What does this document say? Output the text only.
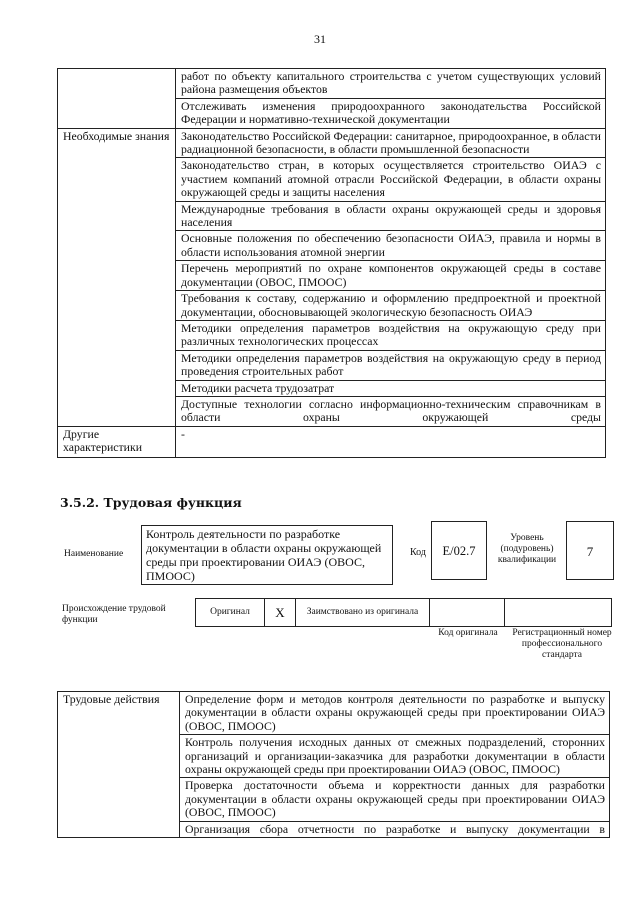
31
	работ по объекту капитального строительства с учетом существующих условий района размещения объектов
	Отслеживать изменения природоохранного законодательства Российской Федерации и нормативно-технической документации
Необходимые знания	Законодательство Российской Федерации: санитарное, природоохранное, в области радиационной безопасности, в области промышленной безопасности
	Законодательство стран, в которых осуществляется строительство ОИАЭ с участием компаний атомной отрасли Российской Федерации, в области охраны окружающей среды и защиты населения
	Международные требования в области охраны окружающей среды и здоровья населения
	Основные положения по обеспечению безопасности ОИАЭ, правила и нормы в области использования атомной энергии
	Перечень мероприятий по охране компонентов окружающей среды в составе документации (ОВОС, ПМООС)
	Требования к составу, содержанию и оформлению предпроектной и проектной документации, обосновывающей экологическую безопасность ОИАЭ
	Методики определения параметров воздействия на окружающую среду при различных технологических процессах
	Методики определения параметров воздействия на окружающую среду в период проведения строительных работ
	Методики расчета трудозатрат
	Доступные технологии согласно информационно-техническим справочникам в области охраны окружающей среды
Другие характеристики	-
3.5.2. Трудовая функция
Наименование
Контроль деятельности по разработке документации в области охраны окружающей среды при проектировании ОИАЭ (ОВОС, ПМООС)
Код	E/02.7
Уровень (подуровень) квалификации
7
Происхождение трудовой функции
Оригинал	X	Заимствовано из оригинала
Код оригинала	Регистрационный номер профессионального стандарта
Трудовые действия	Определение форм и методов контроля деятельности по разработке и выпуску документации в области охраны окружающей среды при проектировании ОИАЭ (ОВОС, ПМООС)
Контроль получения исходных данных от смежных подразделений, сторонних организаций и организации-заказчика для разработки документации в области охраны окружающей среды при проектировании ОИАЭ (ОВОС, ПМООС)
Проверка достаточности объема и корректности данных для разработки документации в области охраны окружающей среды при проектировании ОИАЭ (ОВОС, ПМООС)
Организация сбора отчетности по разработке и выпуску документации в
